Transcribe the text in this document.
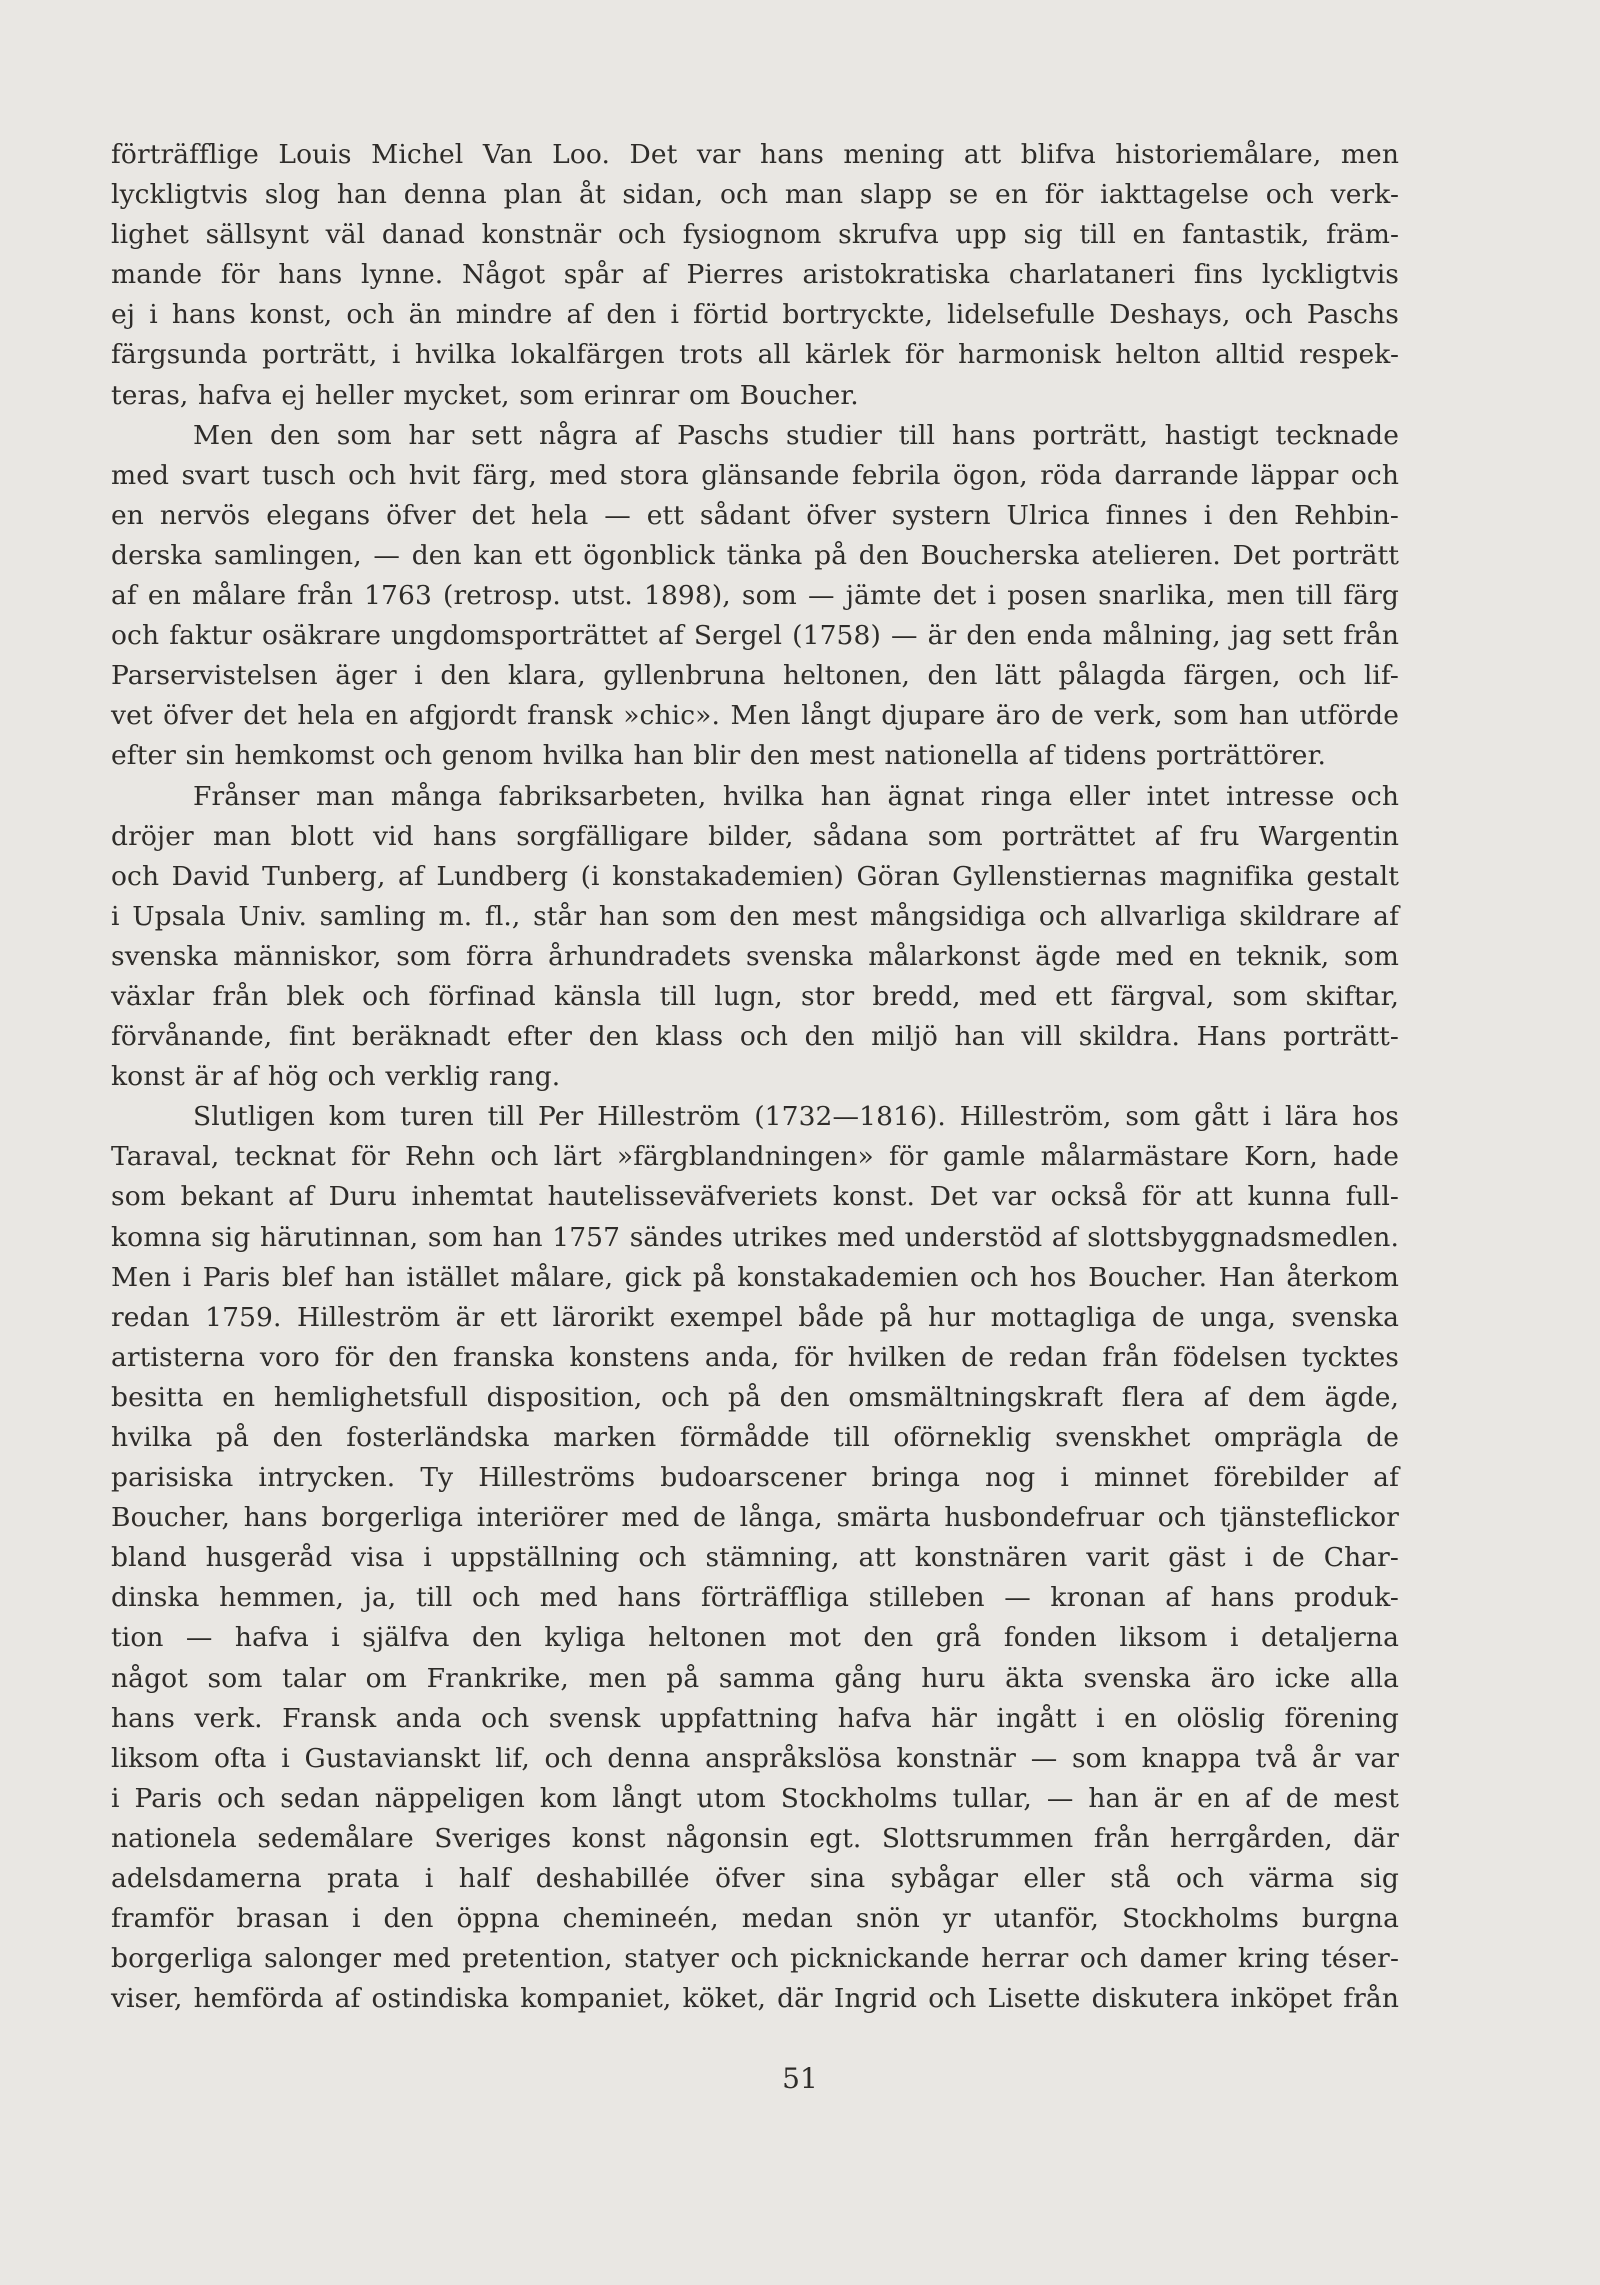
förträfflige Louis Michel Van Loo. Det var hans mening att blifva historiemålare, men
lyckligtvis slog han denna plan åt sidan, och man slapp se en för iakttagelse och verk-
lighet sällsynt väl danad konstnär och fysiognom skrufva upp sig till en fantastik, främ-
mande för hans lynne. Något spår af Pierres aristokratiska charlataneri fins lyckligtvis
ej i hans konst, och än mindre af den i förtid bortryckte, lidelsefulle Deshays, och Paschs
färgsunda porträtt, i hvilka lokalfärgen trots all kärlek för harmonisk helton alltid respek-
teras, hafva ej heller mycket, som erinrar om Boucher.
Men den som har sett några af Paschs studier till hans porträtt, hastigt tecknade
med svart tusch och hvit färg, med stora glänsande febrila ögon, röda darrande läppar och
en nervös elegans öfver det hela — ett sådant öfver systern Ulrica finnes i den Rehbin-
derska samlingen, — den kan ett ögonblick tänka på den Boucherska atelieren. Det porträtt
af en målare från 1763 (retrosp. utst. 1898), som — jämte det i posen snarlika, men till färg
och faktur osäkrare ungdomsporträttet af Sergel (1758) — är den enda målning, jag sett från
Parservistelsen äger i den klara, gyllenbruna heltonen, den lätt pålagda färgen, och lif-
vet öfver det hela en afgjordt fransk »chic». Men långt djupare äro de verk, som han utförde
efter sin hemkomst och genom hvilka han blir den mest nationella af tidens porträttörer.
Frånser man många fabriksarbeten, hvilka han ägnat ringa eller intet intresse och
dröjer man blott vid hans sorgfälligare bilder, sådana som porträttet af fru Wargentin
och David Tunberg, af Lundberg (i konstakademien) Göran Gyllenstiernas magnifika gestalt
i Upsala Univ. samling m. fl., står han som den mest mångsidiga och allvarliga skildrare af
svenska människor, som förra århundradets svenska målarkonst ägde med en teknik, som
växlar från blek och förfinad känsla till lugn, stor bredd, med ett färgval, som skiftar,
förvånande, fint beräknadt efter den klass och den miljö han vill skildra. Hans porträtt-
konst är af hög och verklig rang.
Slutligen kom turen till Per Hilleström (1732—1816). Hilleström, som gått i lära hos
Taraval, tecknat för Rehn och lärt »färgblandningen» för gamle målarmästare Korn, hade
som bekant af Duru inhemtat hautelisseväfveriets konst. Det var också för att kunna full-
komna sig härutinnan, som han 1757 sändes utrikes med understöd af slottsbyggnadsmedlen.
Men i Paris blef han istället målare, gick på konstakademien och hos Boucher. Han återkom
redan 1759. Hilleström är ett lärorikt exempel både på hur mottagliga de unga, svenska
artisterna voro för den franska konstens anda, för hvilken de redan från födelsen tycktes
besitta en hemlighetsfull disposition, och på den omsmältningskraft flera af dem ägde,
hvilka på den fosterländska marken förmådde till oförneklig svenskhet ompräglа de
parisiska intrycken. Ty Hilleströms budoarscener bringa nog i minnet förebilder af
Boucher, hans borgerliga interiörer med de långa, smärta husbondefruar och tjänsteflickor
bland husgeråd visa i uppställning och stämning, att konstnären varit gäst i de Char-
dinska hemmen, ja, till och med hans förträffliga stilleben — kronan af hans produk-
tion — hafva i själfva den kyliga heltonen mot den grå fonden liksom i detaljerna
något som talar om Frankrike, men på samma gång huru äkta svenska äro icke alla
hans verk. Fransk anda och svensk uppfattning hafva här ingått i en olöslig förening
liksom ofta i Gustavianskt lif, och denna anspråkslösa konstnär — som knappa två år var
i Paris och sedan näppeligen kom långt utom Stockholms tullar, — han är en af de mest
nationela sedemålare Sveriges konst någonsin egt. Slottsrummen från herrgården, där
adelsdamerna prata i half deshabillée öfver sina sybågar eller stå och värma sig
framför brasan i den öppna chemineén, medan snön yr utanför, Stockholms burgna
borgerliga salonger med pretention, statyer och picknickande herrar och damer kring téser-
viser, hemförda af ostindiska kompaniet, köket, där Ingrid och Lisette diskutera inköpet från
51
